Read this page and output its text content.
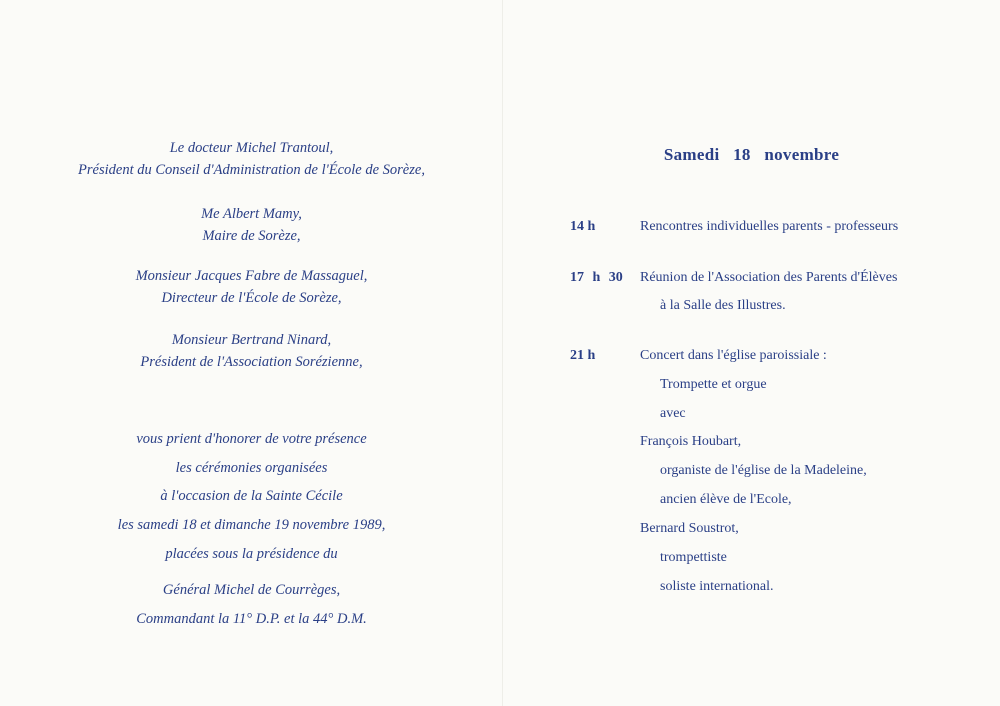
Le docteur Michel Trantoul,
Président du Conseil d'Administration de l'École de Sorèze,
Me Albert Mamy,
Maire de Sorèze,
Monsieur Jacques Fabre de Massaguel,
Directeur de l'École de Sorèze,
Monsieur Bertrand Ninard,
Président de l'Association Sorézienne,
vous prient d'honorer de votre présence
les cérémonies organisées
à l'occasion de la Sainte Cécile
les samedi 18 et dimanche 19 novembre 1989,
placées sous la présidence du
Général Michel de Courrèges,
Commandant la 11° D.P. et la 44° D.M.
Samedi   18   novembre
14 h	Rencontres individuelles parents - professeurs
17 h 30 Réunion de l'Association des Parents d'Élèves
à la Salle des Illustres.
21 h	Concert dans l'église paroissiale :
Trompette et orgue
avec
François Houbart,
organiste de l'église de la Madeleine,
ancien élève de l'Ecole,
Bernard Soustrot,
trompettiste
soliste international.
